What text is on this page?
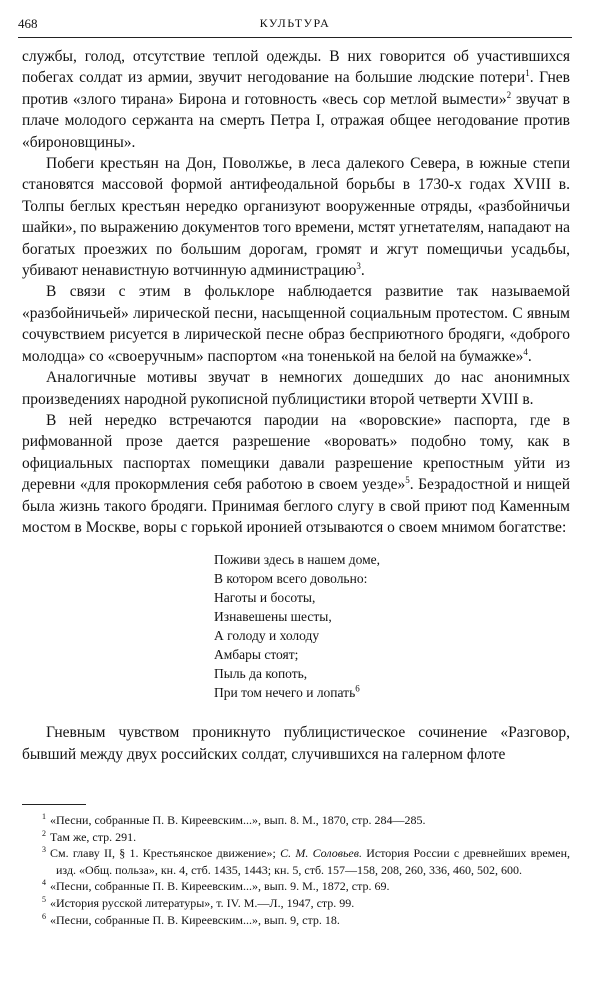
468	КУЛЬТУРА

службы, голод, отсутствие теплой одежды. В них говорится об участившихся побегах солдат из армии, звучит негодование на большие людские потери$^1$. Гнев против «злого тирана» Бирона и готовность «весь сор метлой вымести»$^2$ звучат в плаче молодого сержанта на смерть Петра I, отражая общее негодование против «бироновщины».

Побеги крестьян на Дон, Поволжье, в леса далекого Севера, в южные степи становятся массовой формой антифеодальной борьбы в 1730-х годах XVIII в. Толпы беглых крестьян нередко организуют вооруженные отряды, «разбойничьи шайки», по выражению документов того времени, мстят угнетателям, нападают на богатых проезжих по большим дорогам, громят и жгут помещичьи усадьбы, убивают ненавистную вотчинную администрацию$^3$.

В связи с этим в фольклоре наблюдается развитие так называемой «разбойничьей» лирической песни, насыщенной социальным протестом. С явным сочувствием рисуется в лирической песне образ бесприютного бродяги, «доброго молодца» со «своеручным» паспортом «на тоненькой на белой на бумажке»$^4$.

Аналогичные мотивы звучат в немногих дошедших до нас анонимных произведениях народной рукописной публицистики второй четверти XVIII в.

В ней нередко встречаются пародии на «воровские» паспорта, где в рифмованной прозе дается разрешение «воровать» подобно тому, как в официальных паспортах помещики давали разрешение крепостным уйти из деревни «для прокормления себя работою в своем уезде»$^5$. Безрадостной и нищей была жизнь такого бродяги. Принимая беглого слугу в свой приют под Каменным мостом в Москве, воры с горькой иронией отзываются о своем мнимом богатстве:

Поживи здесь в нашем доме,
В котором всего довольно:
Наготы и босоты,
Изнавешены шесты,
А голоду и холоду
Амбары стоят;
Пыль да копоть,
При том нечего и лопать$^6$

Гневным чувством проникнуто публицистическое сочинение «Разговор, бывший между двух российских солдат, случившихся на галерном флоте

$^1$ «Песни, собранные П. В. Киреевским...», вып. 8. М., 1870, стр. 284—285.

$^2$ Там же, стр. 291.

$^3$ См. главу II, § 1. Крестьянское движение»; С. М. Соловьев. История России с древнейших времен, изд. «Общ. польза», кн. 4, стб. 1435, 1443; кн. 5, стб. 157—158, 208, 260, 336, 460, 502, 600.

$^4$ «Песни, собранные П. В. Киреевским...», вып. 9. М., 1872, стр. 69.

$^5$ «История русской литературы», т. IV. М.—Л., 1947, стр. 99.

$^6$ «Песни, собранные П. В. Киреевским...», вып. 9, стр. 18.
